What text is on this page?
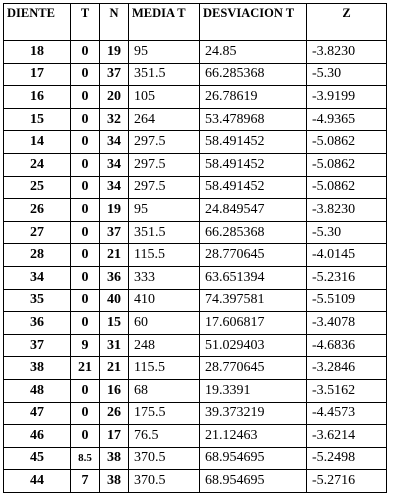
DIENTE	T	N	MEDIA T	DESVIACION T	Z
18	0	19	95	24.85	-3.8230
17	0	37	351.5	66.285368	-5.30
16	0	20	105	26.78619	-3.9199
15	0	32	264	53.478968	-4.9365
14	0	34	297.5	58.491452	-5.0862
24	0	34	297.5	58.491452	-5.0862
25	0	34	297.5	58.491452	-5.0862
26	0	19	95	24.849547	-3.8230
27	0	37	351.5	66.285368	-5.30
28	0	21	115.5	28.770645	-4.0145
34	0	36	333	63.651394	-5.2316
35	0	40	410	74.397581	-5.5109
36	0	15	60	17.606817	-3.4078
37	9	31	248	51.029403	-4.6836
38	21	21	115.5	28.770645	-3.2846
48	0	16	68	19.3391	-3.5162
47	0	26	175.5	39.373219	-4.4573
46	0	17	76.5	21.12463	-3.6214
45	8.5	38	370.5	68.954695	-5.2498
44	7	38	370.5	68.954695	-5.2716
